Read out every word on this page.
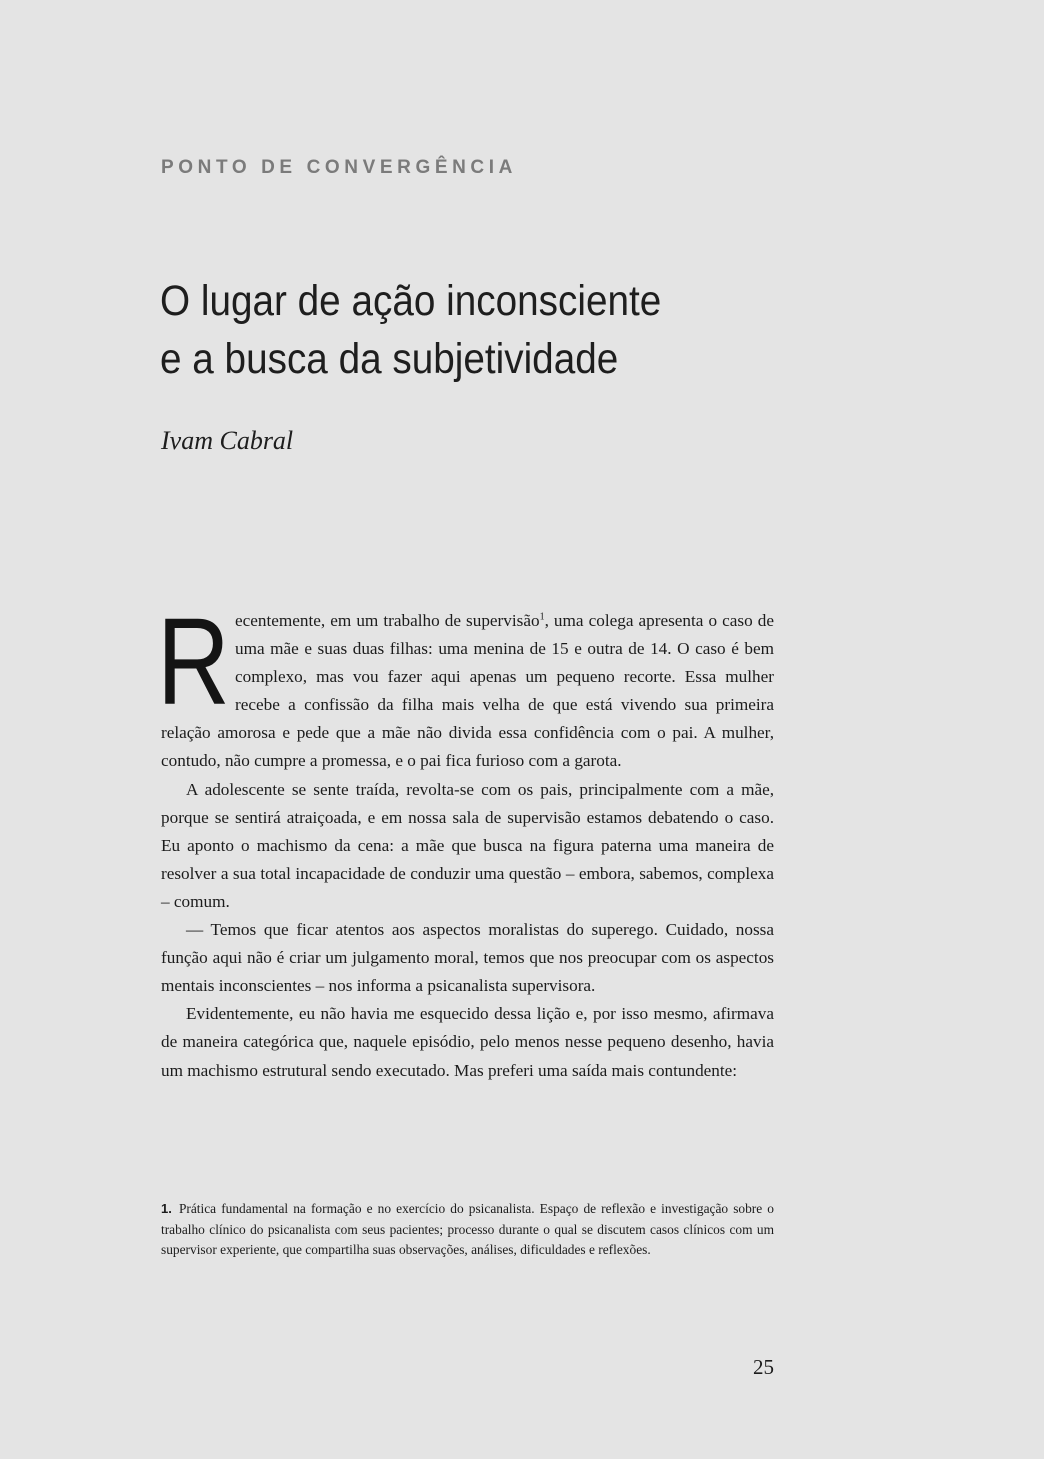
PONTO DE CONVERGÊNCIA
O lugar de ação inconsciente
e a busca da subjetividade
Ivam Cabral

Recentemente, em um trabalho de supervisão$^1$, uma colega apresenta o caso de uma mãe e suas duas filhas: uma menina de 15 e outra de 14. O caso é bem complexo, mas vou fazer aqui apenas um pequeno recorte. Essa mulher recebe a confissão da filha mais velha de que está vivendo sua primeira relação amorosa e pede que a mãe não divida essa confidência com o pai. A mulher, contudo, não cumpre a promessa, e o pai fica furioso com a garota.

A adolescente se sente traída, revolta-se com os pais, principalmente com a mãe, porque se sentirá atraiçoada, e em nossa sala de supervisão estamos debatendo o caso. Eu aponto o machismo da cena: a mãe que busca na figura paterna uma maneira de resolver a sua total incapacidade de conduzir uma questão – embora, sabemos, complexa – comum.

— Temos que ficar atentos aos aspectos moralistas do superego. Cuidado, nossa função aqui não é criar um julgamento moral, temos que nos preocupar com os aspectos mentais inconscientes – nos informa a psicanalista supervisora.

Evidentemente, eu não havia me esquecido dessa lição e, por isso mesmo, afirmava de maneira categórica que, naquele episódio, pelo menos nesse pequeno desenho, havia um machismo estrutural sendo executado. Mas preferi uma saída mais contundente:

1. Prática fundamental na formação e no exercício do psicanalista. Espaço de reflexão e investigação sobre o trabalho clínico do psicanalista com seus pacientes; processo durante o qual se discutem casos clínicos com um supervisor experiente, que compartilha suas observações, análises, dificuldades e reflexões.
25
